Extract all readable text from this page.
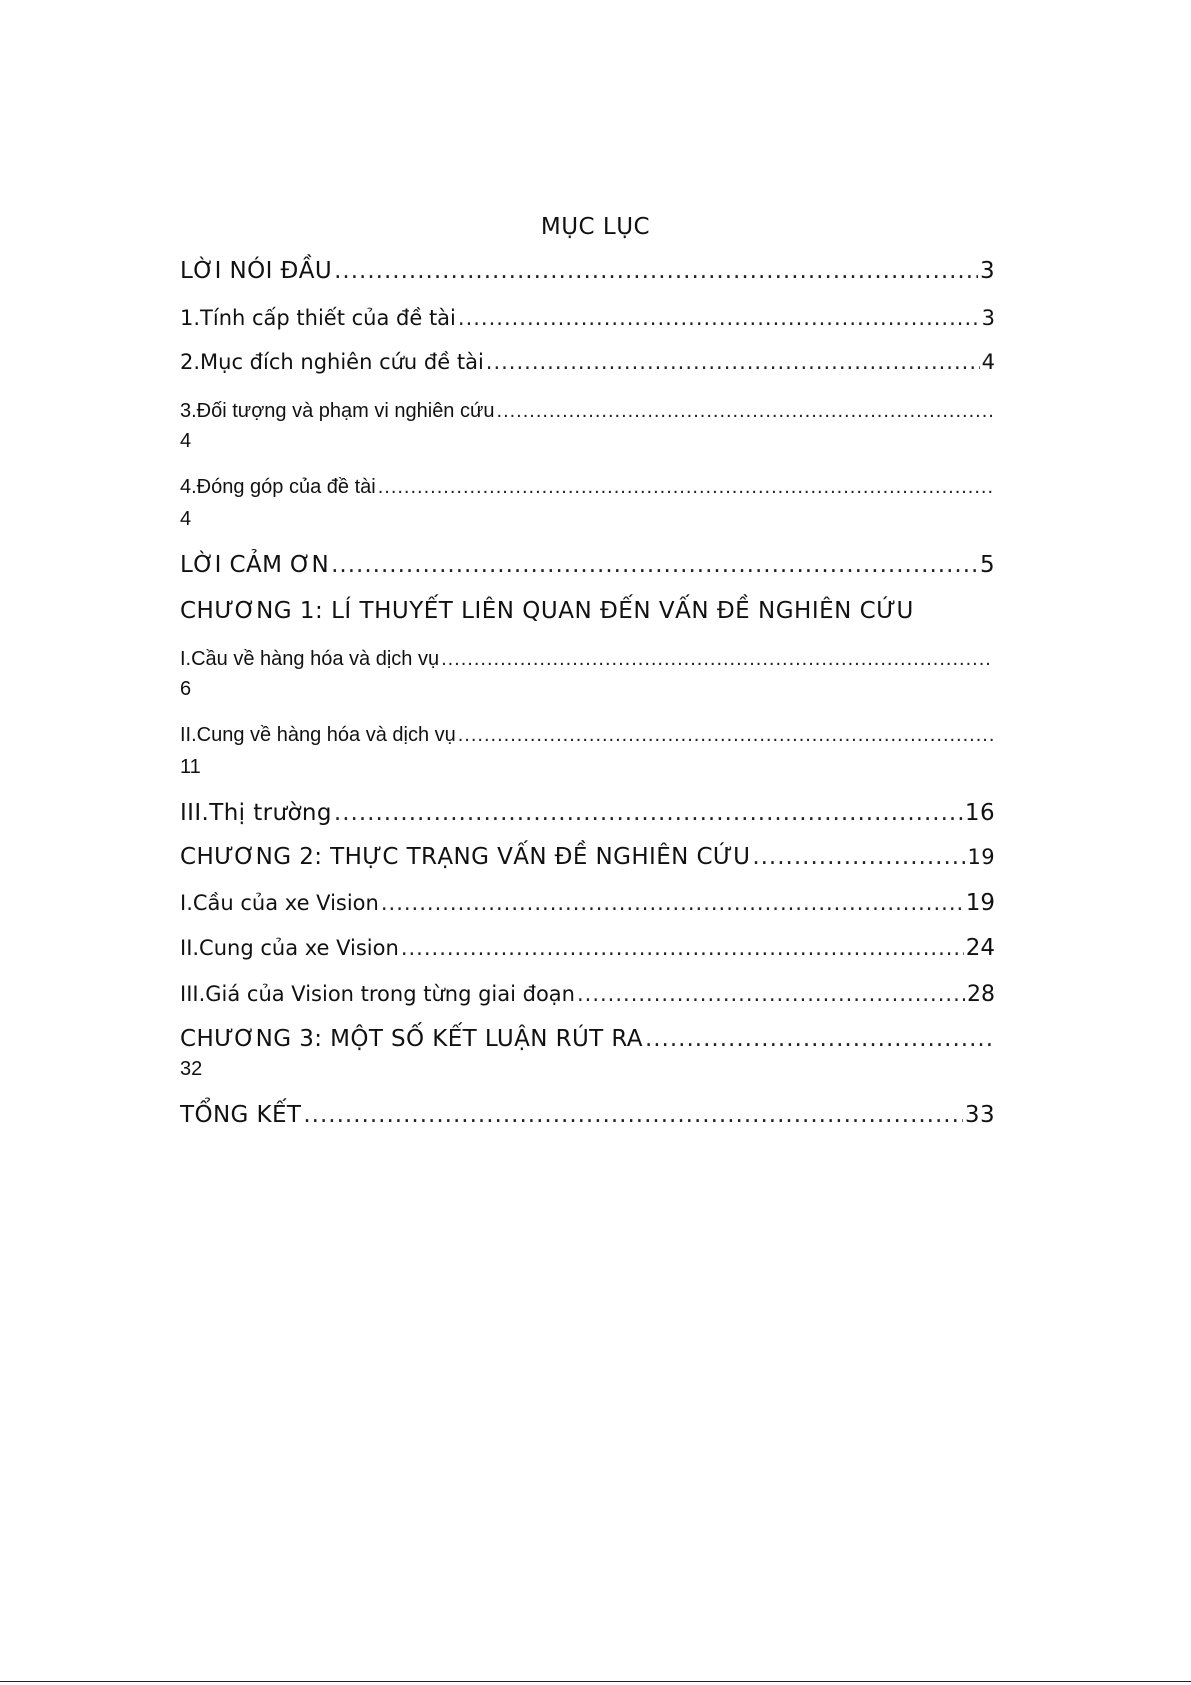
MỤC LỤC
LỜI NÓI ĐẦU .....	3
1.Tính cấp thiết của đề tài .....	3
2.Mục đích nghiên cứu đề tài .....	4
3.Đối tượng và phạm vi nghiên cứu
.....
4
4.Đóng góp của đề tài
.....
4
LỜI CẢM ƠN .....	5
CHƯƠNG 1: LÍ THUYẾT LIÊN QUAN ĐẾN VẤN ĐỀ NGHIÊN CỨU
I.Cầu về hàng hóa và dịch vụ
.....
6
II.Cung về hàng hóa và dịch vụ
.....
11
III.Thị trường .....	16
CHƯƠNG 2: THỰC TRẠNG VẤN ĐỀ NGHIÊN CỨU .....	19
I.Cầu của xe Vision .....	19
II.Cung của xe Vision .....	24
III.Giá của Vision trong từng giai đoạn .....	28
CHƯƠNG 3: MỘT SỐ KẾT LUẬN RÚT RA
.....
32
TỔNG KẾT .....	33
